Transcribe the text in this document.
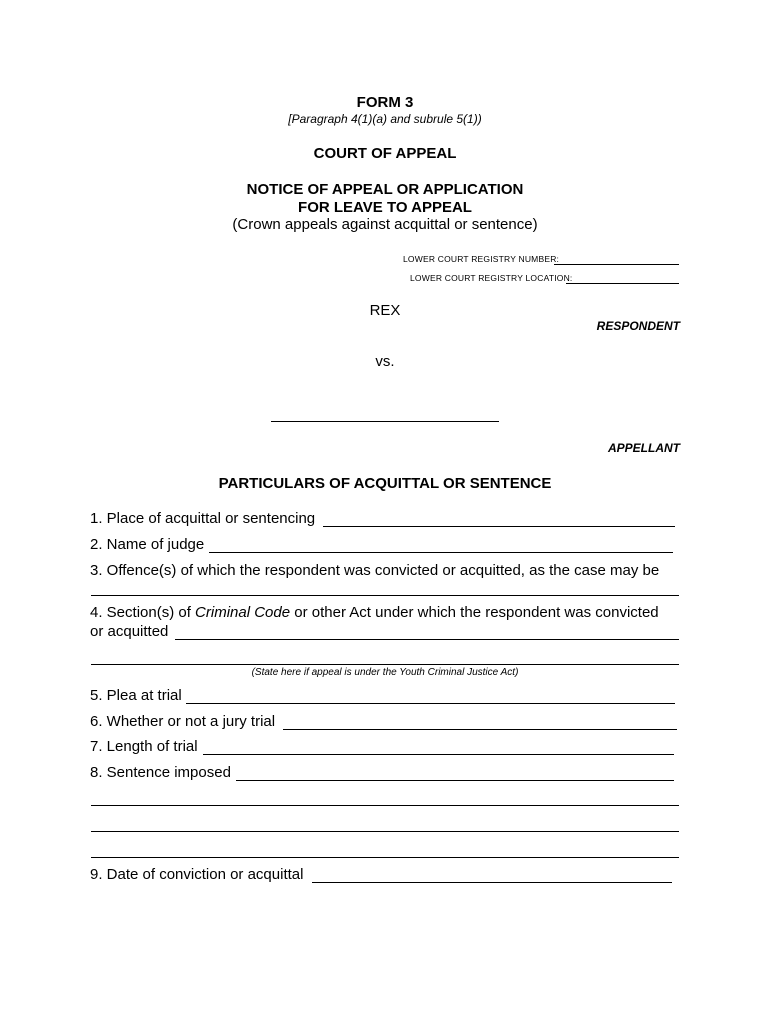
FORM 3
[Paragraph 4(1)(a) and subrule 5(1))
COURT OF APPEAL
NOTICE OF APPEAL OR APPLICATION
FOR LEAVE TO APPEAL
(Crown appeals against acquittal or sentence)
LOWER COURT REGISTRY NUMBER:
LOWER COURT REGISTRY LOCATION:
REX
RESPONDENT
vs.
APPELLANT
PARTICULARS OF ACQUITTAL OR SENTENCE
1. Place of acquittal or sentencing
2. Name of judge
3. Offence(s) of which the respondent was convicted or acquitted, as the case may be
4. Section(s) of Criminal Code or other Act under which the respondent was convicted
or acquitted
(State here if appeal is under the Youth Criminal Justice Act)
5. Plea at trial
6. Whether or not a jury trial
7. Length of trial
8. Sentence imposed
9. Date of conviction or acquittal
